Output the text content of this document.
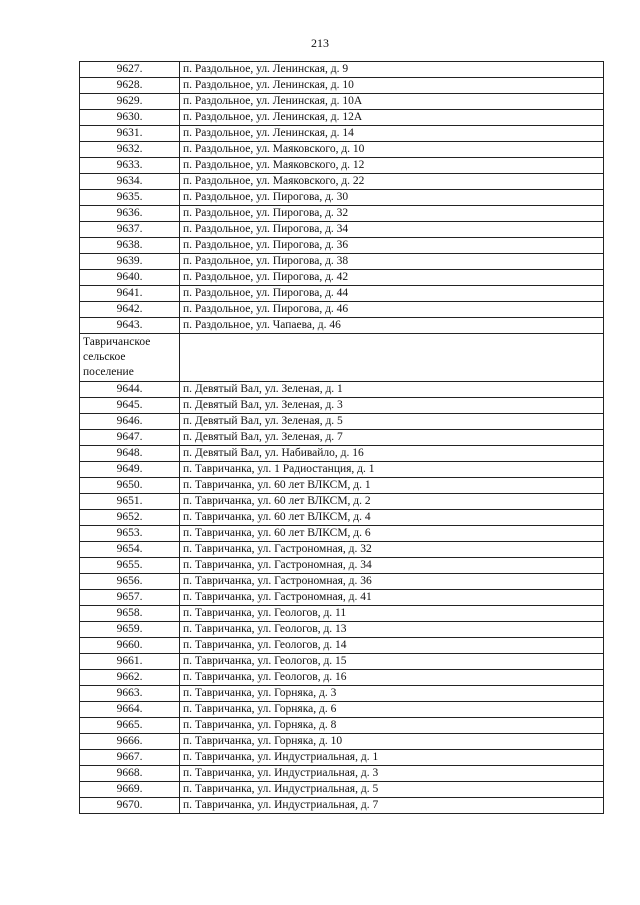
213
9627.	п. Раздольное, ул. Ленинская, д. 9
9628.	п. Раздольное, ул. Ленинская, д. 10
9629.	п. Раздольное, ул. Ленинская, д. 10А
9630.	п. Раздольное, ул. Ленинская, д. 12А
9631.	п. Раздольное, ул. Ленинская, д. 14
9632.	п. Раздольное, ул. Маяковского, д. 10
9633.	п. Раздольное, ул. Маяковского, д. 12
9634.	п. Раздольное, ул. Маяковского, д. 22
9635.	п. Раздольное, ул. Пирогова, д. 30
9636.	п. Раздольное, ул. Пирогова, д. 32
9637.	п. Раздольное, ул. Пирогова, д. 34
9638.	п. Раздольное, ул. Пирогова, д. 36
9639.	п. Раздольное, ул. Пирогова, д. 38
9640.	п. Раздольное, ул. Пирогова, д. 42
9641.	п. Раздольное, ул. Пирогова, д. 44
9642.	п. Раздольное, ул. Пирогова, д. 46
9643.	п. Раздольное, ул. Чапаева, д. 46
Тавричанское сельское поселение	
9644.	п. Девятый Вал, ул. Зеленая, д. 1
9645.	п. Девятый Вал, ул. Зеленая, д. 3
9646.	п. Девятый Вал, ул. Зеленая, д. 5
9647.	п. Девятый Вал, ул. Зеленая, д. 7
9648.	п. Девятый Вал, ул. Набивайло, д. 16
9649.	п. Тавричанка, ул. 1 Радиостанция, д. 1
9650.	п. Тавричанка, ул. 60 лет ВЛКСМ, д. 1
9651.	п. Тавричанка, ул. 60 лет ВЛКСМ, д. 2
9652.	п. Тавричанка, ул. 60 лет ВЛКСМ, д. 4
9653.	п. Тавричанка, ул. 60 лет ВЛКСМ, д. 6
9654.	п. Тавричанка, ул. Гастрономная, д. 32
9655.	п. Тавричанка, ул. Гастрономная, д. 34
9656.	п. Тавричанка, ул. Гастрономная, д. 36
9657.	п. Тавричанка, ул. Гастрономная, д. 41
9658.	п. Тавричанка, ул. Геологов, д. 11
9659.	п. Тавричанка, ул. Геологов, д. 13
9660.	п. Тавричанка, ул. Геологов, д. 14
9661.	п. Тавричанка, ул. Геологов, д. 15
9662.	п. Тавричанка, ул. Геологов, д. 16
9663.	п. Тавричанка, ул. Горняка, д. 3
9664.	п. Тавричанка, ул. Горняка, д. 6
9665.	п. Тавричанка, ул. Горняка, д. 8
9666.	п. Тавричанка, ул. Горняка, д. 10
9667.	п. Тавричанка, ул. Индустриальная, д. 1
9668.	п. Тавричанка, ул. Индустриальная, д. 3
9669.	п. Тавричанка, ул. Индустриальная, д. 5
9670.	п. Тавричанка, ул. Индустриальная, д. 7
